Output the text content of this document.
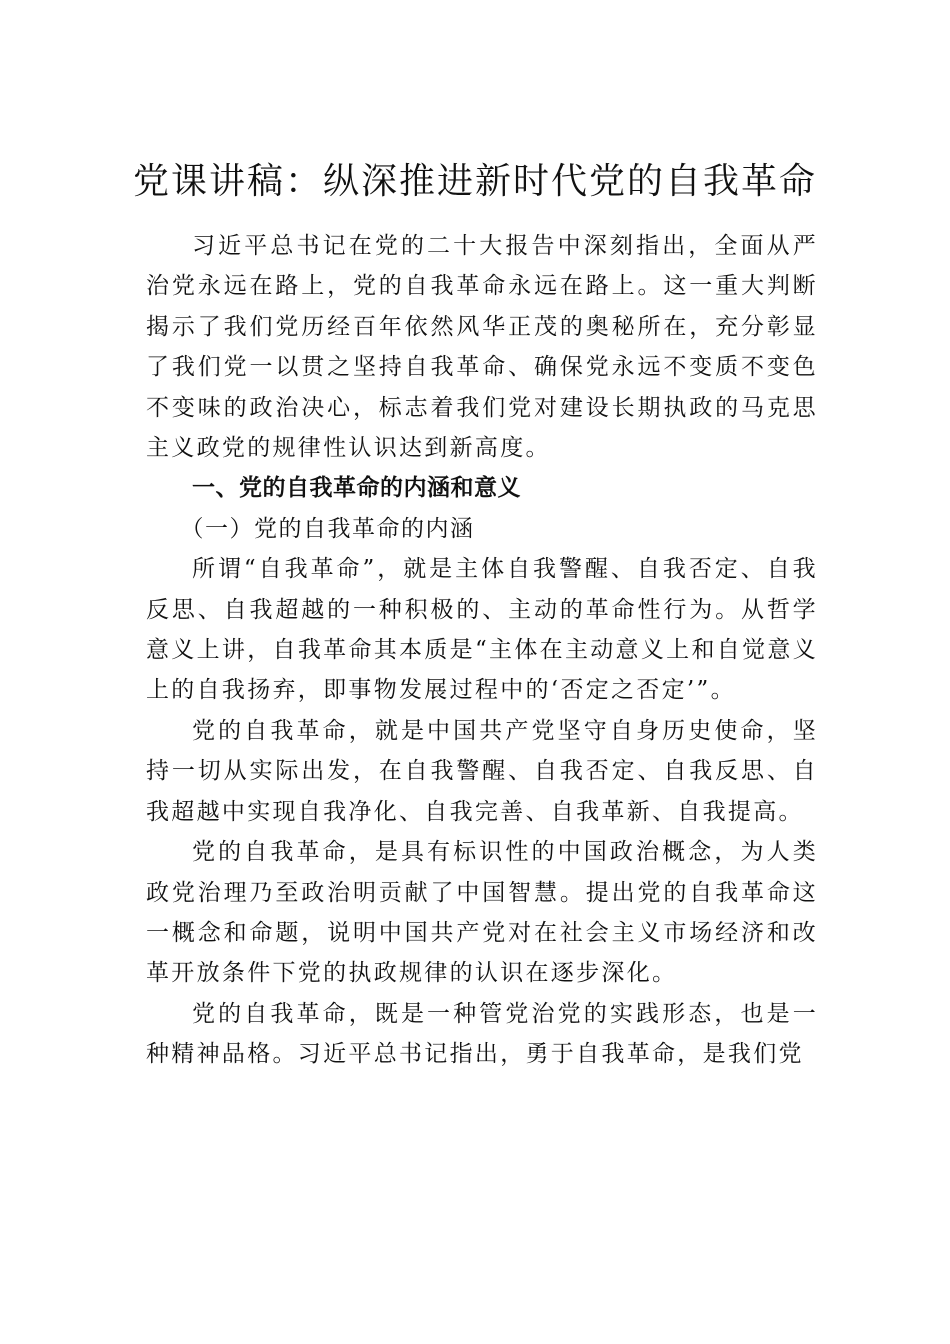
党课讲稿：纵深推进新时代党的自我革命

习近平总书记在党的二十大报告中深刻指出，全面从严治党永远在路上，党的自我革命永远在路上。这一重大判断揭示了我们党历经百年依然风华正茂的奥秘所在，充分彰显了我们党一以贯之坚持自我革命、确保党永远不变质不变色不变味的政治决心，标志着我们党对建设长期执政的马克思主义政党的规律性认识达到新高度。

一、党的自我革命的内涵和意义
（一）党的自我革命的内涵

所谓“自我革命”，就是主体自我警醒、自我否定、自我反思、自我超越的一种积极的、主动的革命性行为。从哲学意义上讲，自我革命其本质是“主体在主动意义上和自觉意义上的自我扬弃，即事物发展过程中的‘否定之否定’”。

党的自我革命，就是中国共产党坚守自身历史使命，坚持一切从实际出发，在自我警醒、自我否定、自我反思、自我超越中实现自我净化、自我完善、自我革新、自我提高。

党的自我革命，是具有标识性的中国政治概念，为人类政党治理乃至政治明贡献了中国智慧。提出党的自我革命这一概念和命题，说明中国共产党对在社会主义市场经济和改革开放条件下党的执政规律的认识在逐步深化。

党的自我革命，既是一种管党治党的实践形态，也是一种精神品格。习近平总书记指出，勇于自我革命，是我们党
